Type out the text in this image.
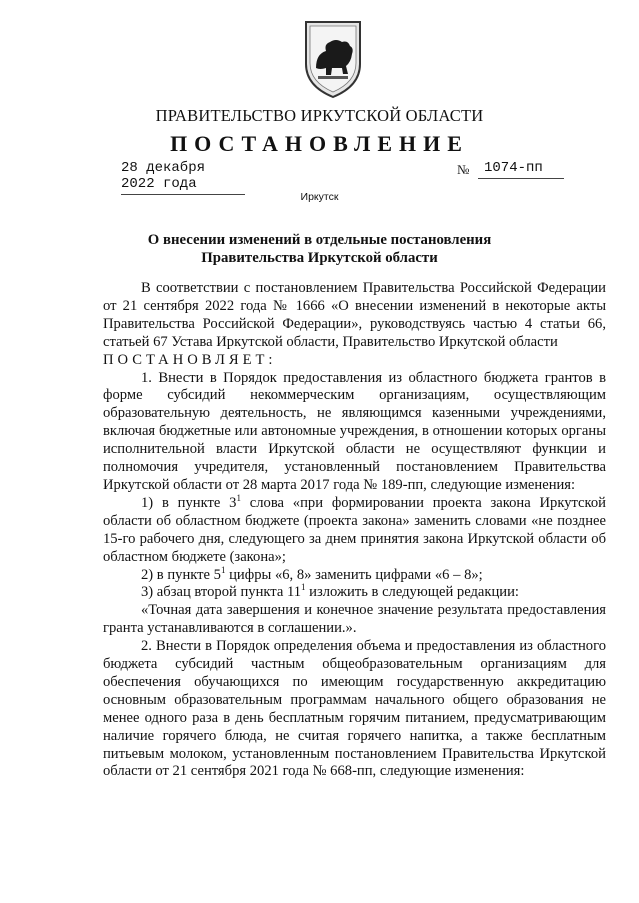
ПРАВИТЕЛЬСТВО ИРКУТСКОЙ ОБЛАСТИ
ПОСТАНОВЛЕНИЕ
28 декабря 2022 года
№	1074-пп
Иркутск
О внесении изменений в отдельные постановления
Правительства Иркутской области

В соответствии с постановлением Правительства Российской Федерации от 21 сентября 2022 года № 1666 «О внесении изменений в некоторые акты Правительства Российской Федерации», руководствуясь частью 4 статьи 66, статьей 67 Устава Иркутской области, Правительство Иркутской области

ПОСТАНОВЛЯЕТ:

1. Внести в Порядок предоставления из областного бюджета грантов в форме субсидий некоммерческим организациям, осуществляющим образовательную деятельность, не являющимся казенными учреждениями, включая бюджетные или автономные учреждения, в отношении которых органы исполнительной власти Иркутской области не осуществляют функции и полномочия учредителя, установленный постановлением Правительства Иркутской области от 28 марта 2017 года № 189-пп, следующие изменения:

1) в пункте $3^1$ слова «при формировании проекта закона Иркутской области об областном бюджете (проекта закона» заменить словами «не позднее 15-го рабочего дня, следующего за днем принятия закона Иркутской области об областном бюджете (закона»;

2) в пункте $5^1$ цифры «6, 8» заменить цифрами «6 – 8»;

3) абзац второй пункта $11^1$ изложить в следующей редакции:

«Точная дата завершения и конечное значение результата предоставления гранта устанавливаются в соглашении.».

2. Внести в Порядок определения объема и предоставления из областного бюджета субсидий частным общеобразовательным организациям для обеспечения обучающихся по имеющим государственную аккредитацию основным образовательным программам начального общего образования не менее одного раза в день бесплатным горячим питанием, предусматривающим наличие горячего блюда, не считая горячего напитка, а также бесплатным питьевым молоком, установленным постановлением Правительства Иркутской области от 21 сентября 2021 года № 668-пп, следующие изменения:
